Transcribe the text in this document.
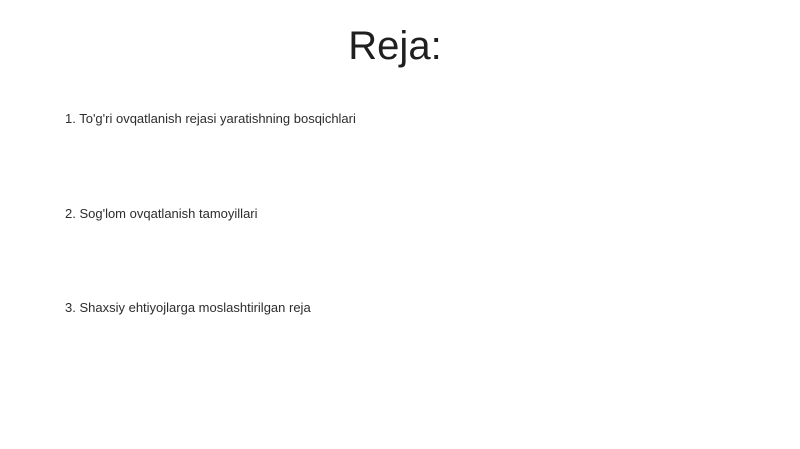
Reja:
1. To'g'ri ovqatlanish rejasi yaratishning bosqichlari
2. Sog'lom ovqatlanish tamoyillari
3. Shaxsiy ehtiyojlarga moslashtirilgan reja
